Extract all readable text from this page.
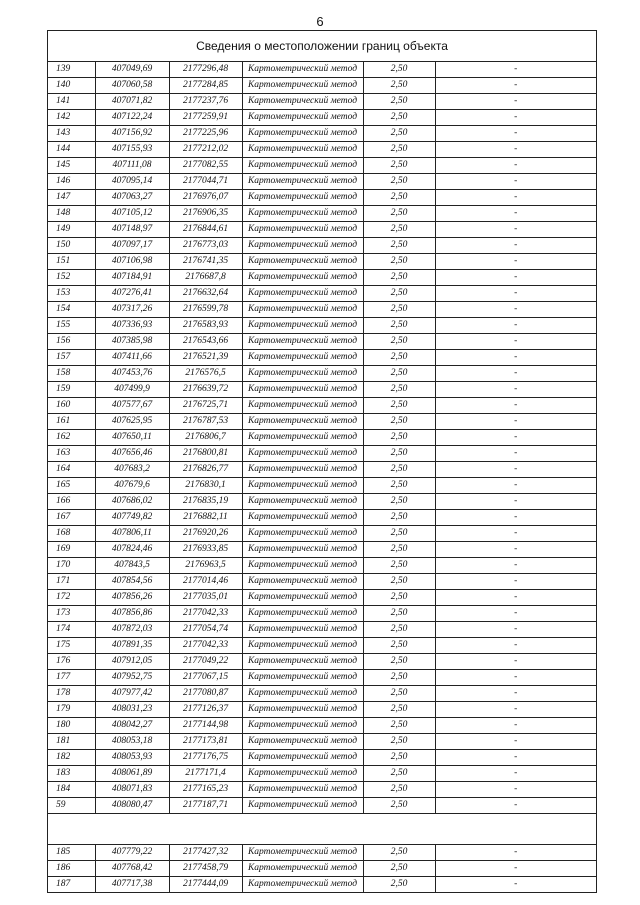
6
Сведения о местоположении границ объекта
139	407049,69	2177296,48	Картометрический метод	2,50	-
140	407060,58	2177284,85	Картометрический метод	2,50	-
141	407071,82	2177237,76	Картометрический метод	2,50	-
142	407122,24	2177259,91	Картометрический метод	2,50	-
143	407156,92	2177225,96	Картометрический метод	2,50	-
144	407155,93	2177212,02	Картометрический метод	2,50	-
145	407111,08	2177082,55	Картометрический метод	2,50	-
146	407095,14	2177044,71	Картометрический метод	2,50	-
147	407063,27	2176976,07	Картометрический метод	2,50	-
148	407105,12	2176906,35	Картометрический метод	2,50	-
149	407148,97	2176844,61	Картометрический метод	2,50	-
150	407097,17	2176773,03	Картометрический метод	2,50	-
151	407106,98	2176741,35	Картометрический метод	2,50	-
152	407184,91	2176687,8	Картометрический метод	2,50	-
153	407276,41	2176632,64	Картометрический метод	2,50	-
154	407317,26	2176599,78	Картометрический метод	2,50	-
155	407336,93	2176583,93	Картометрический метод	2,50	-
156	407385,98	2176543,66	Картометрический метод	2,50	-
157	407411,66	2176521,39	Картометрический метод	2,50	-
158	407453,76	2176576,5	Картометрический метод	2,50	-
159	407499,9	2176639,72	Картометрический метод	2,50	-
160	407577,67	2176725,71	Картометрический метод	2,50	-
161	407625,95	2176787,53	Картометрический метод	2,50	-
162	407650,11	2176806,7	Картометрический метод	2,50	-
163	407656,46	2176800,81	Картометрический метод	2,50	-
164	407683,2	2176826,77	Картометрический метод	2,50	-
165	407679,6	2176830,1	Картометрический метод	2,50	-
166	407686,02	2176835,19	Картометрический метод	2,50	-
167	407749,82	2176882,11	Картометрический метод	2,50	-
168	407806,11	2176920,26	Картометрический метод	2,50	-
169	407824,46	2176933,85	Картометрический метод	2,50	-
170	407843,5	2176963,5	Картометрический метод	2,50	-
171	407854,56	2177014,46	Картометрический метод	2,50	-
172	407856,26	2177035,01	Картометрический метод	2,50	-
173	407856,86	2177042,33	Картометрический метод	2,50	-
174	407872,03	2177054,74	Картометрический метод	2,50	-
175	407891,35	2177042,33	Картометрический метод	2,50	-
176	407912,05	2177049,22	Картометрический метод	2,50	-
177	407952,75	2177067,15	Картометрический метод	2,50	-
178	407977,42	2177080,87	Картометрический метод	2,50	-
179	408031,23	2177126,37	Картометрический метод	2,50	-
180	408042,27	2177144,98	Картометрический метод	2,50	-
181	408053,18	2177173,81	Картометрический метод	2,50	-
182	408053,93	2177176,75	Картометрический метод	2,50	-
183	408061,89	2177171,4	Картометрический метод	2,50	-
184	408071,83	2177165,23	Картометрический метод	2,50	-
59	408080,47	2177187,71	Картометрический метод	2,50	-
185	407779,22	2177427,32	Картометрический метод	2,50	-
186	407768,42	2177458,79	Картометрический метод	2,50	-
187	407717,38	2177444,09	Картометрический метод	2,50	-
